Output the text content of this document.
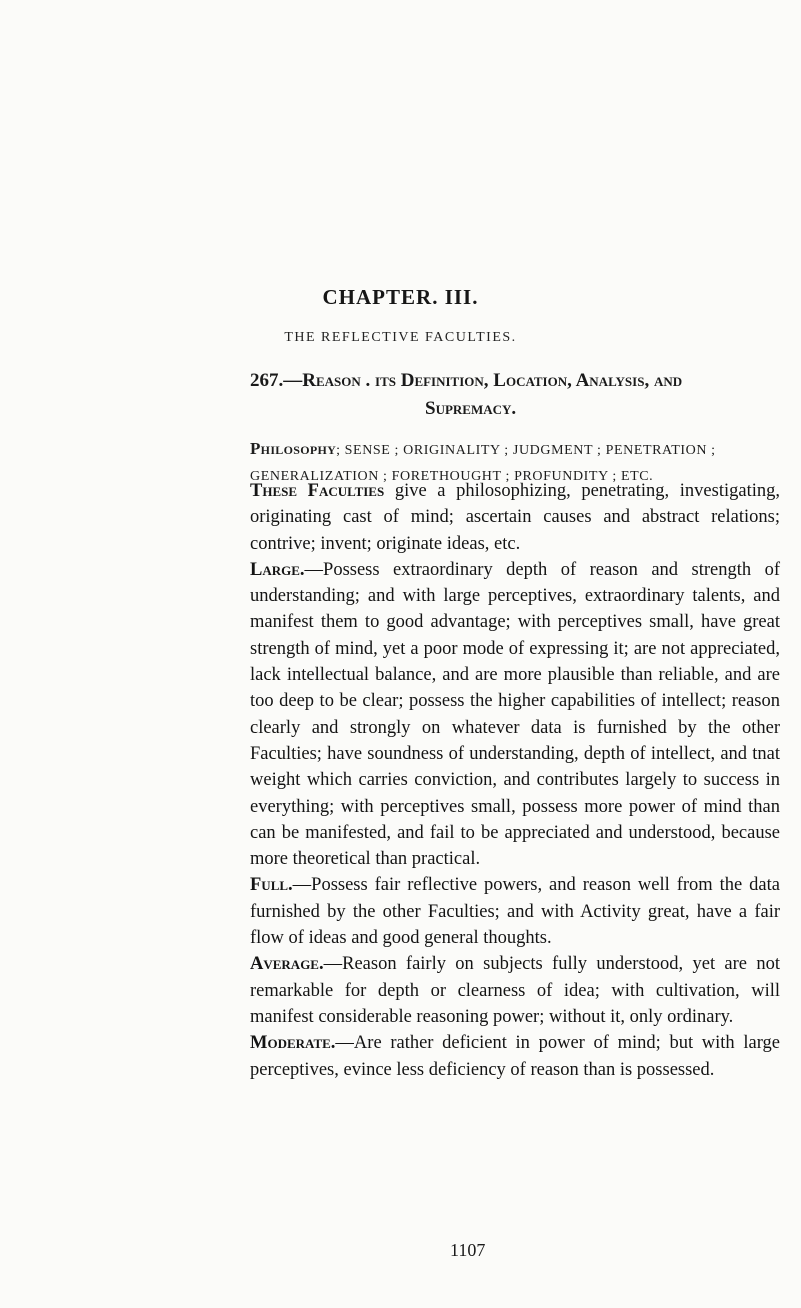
CHAPTER. III.
THE REFLECTIVE FACULTIES.
267.—Reason . its Definition, Location, Analysis, and
Supremacy.
Philosophy; SENSE ; ORIGINALITY ; JUDGMENT ; PENETRATION ; GENERALIZATION ; FORETHOUGHT ; PROFUNDITY ; ETC.

These Faculties give a philosophizing, penetrating, investigating, originating cast of mind; ascertain causes and abstract relations; contrive; invent; originate ideas, etc.

Large.—Possess extraordinary depth of reason and strength of understanding; and with large perceptives, extraordinary talents, and manifest them to good advantage; with perceptives small, have great strength of mind, yet a poor mode of expressing it; are not appreciated, lack intellectual balance, and are more plausible than reliable, and are too deep to be clear; possess the higher capabilities of intellect; reason clearly and strongly on whatever data is furnished by the other Faculties; have soundness of understanding, depth of intellect, and tnat weight which carries conviction, and contributes largely to success in everything; with perceptives small, possess more power of mind than can be manifested, and fail to be appreciated and understood, because more theoretical than practical.

Full.—Possess fair reflective powers, and reason well from the data furnished by the other Faculties; and with Activity great, have a fair flow of ideas and good general thoughts.

Average.—Reason fairly on subjects fully understood, yet are not remarkable for depth or clearness of idea; with cultivation, will manifest considerable reasoning power; without it, only ordinary.

Moderate.—Are rather deficient in power of mind; but with large perceptives, evince less deficiency of reason than is possessed.

1107
